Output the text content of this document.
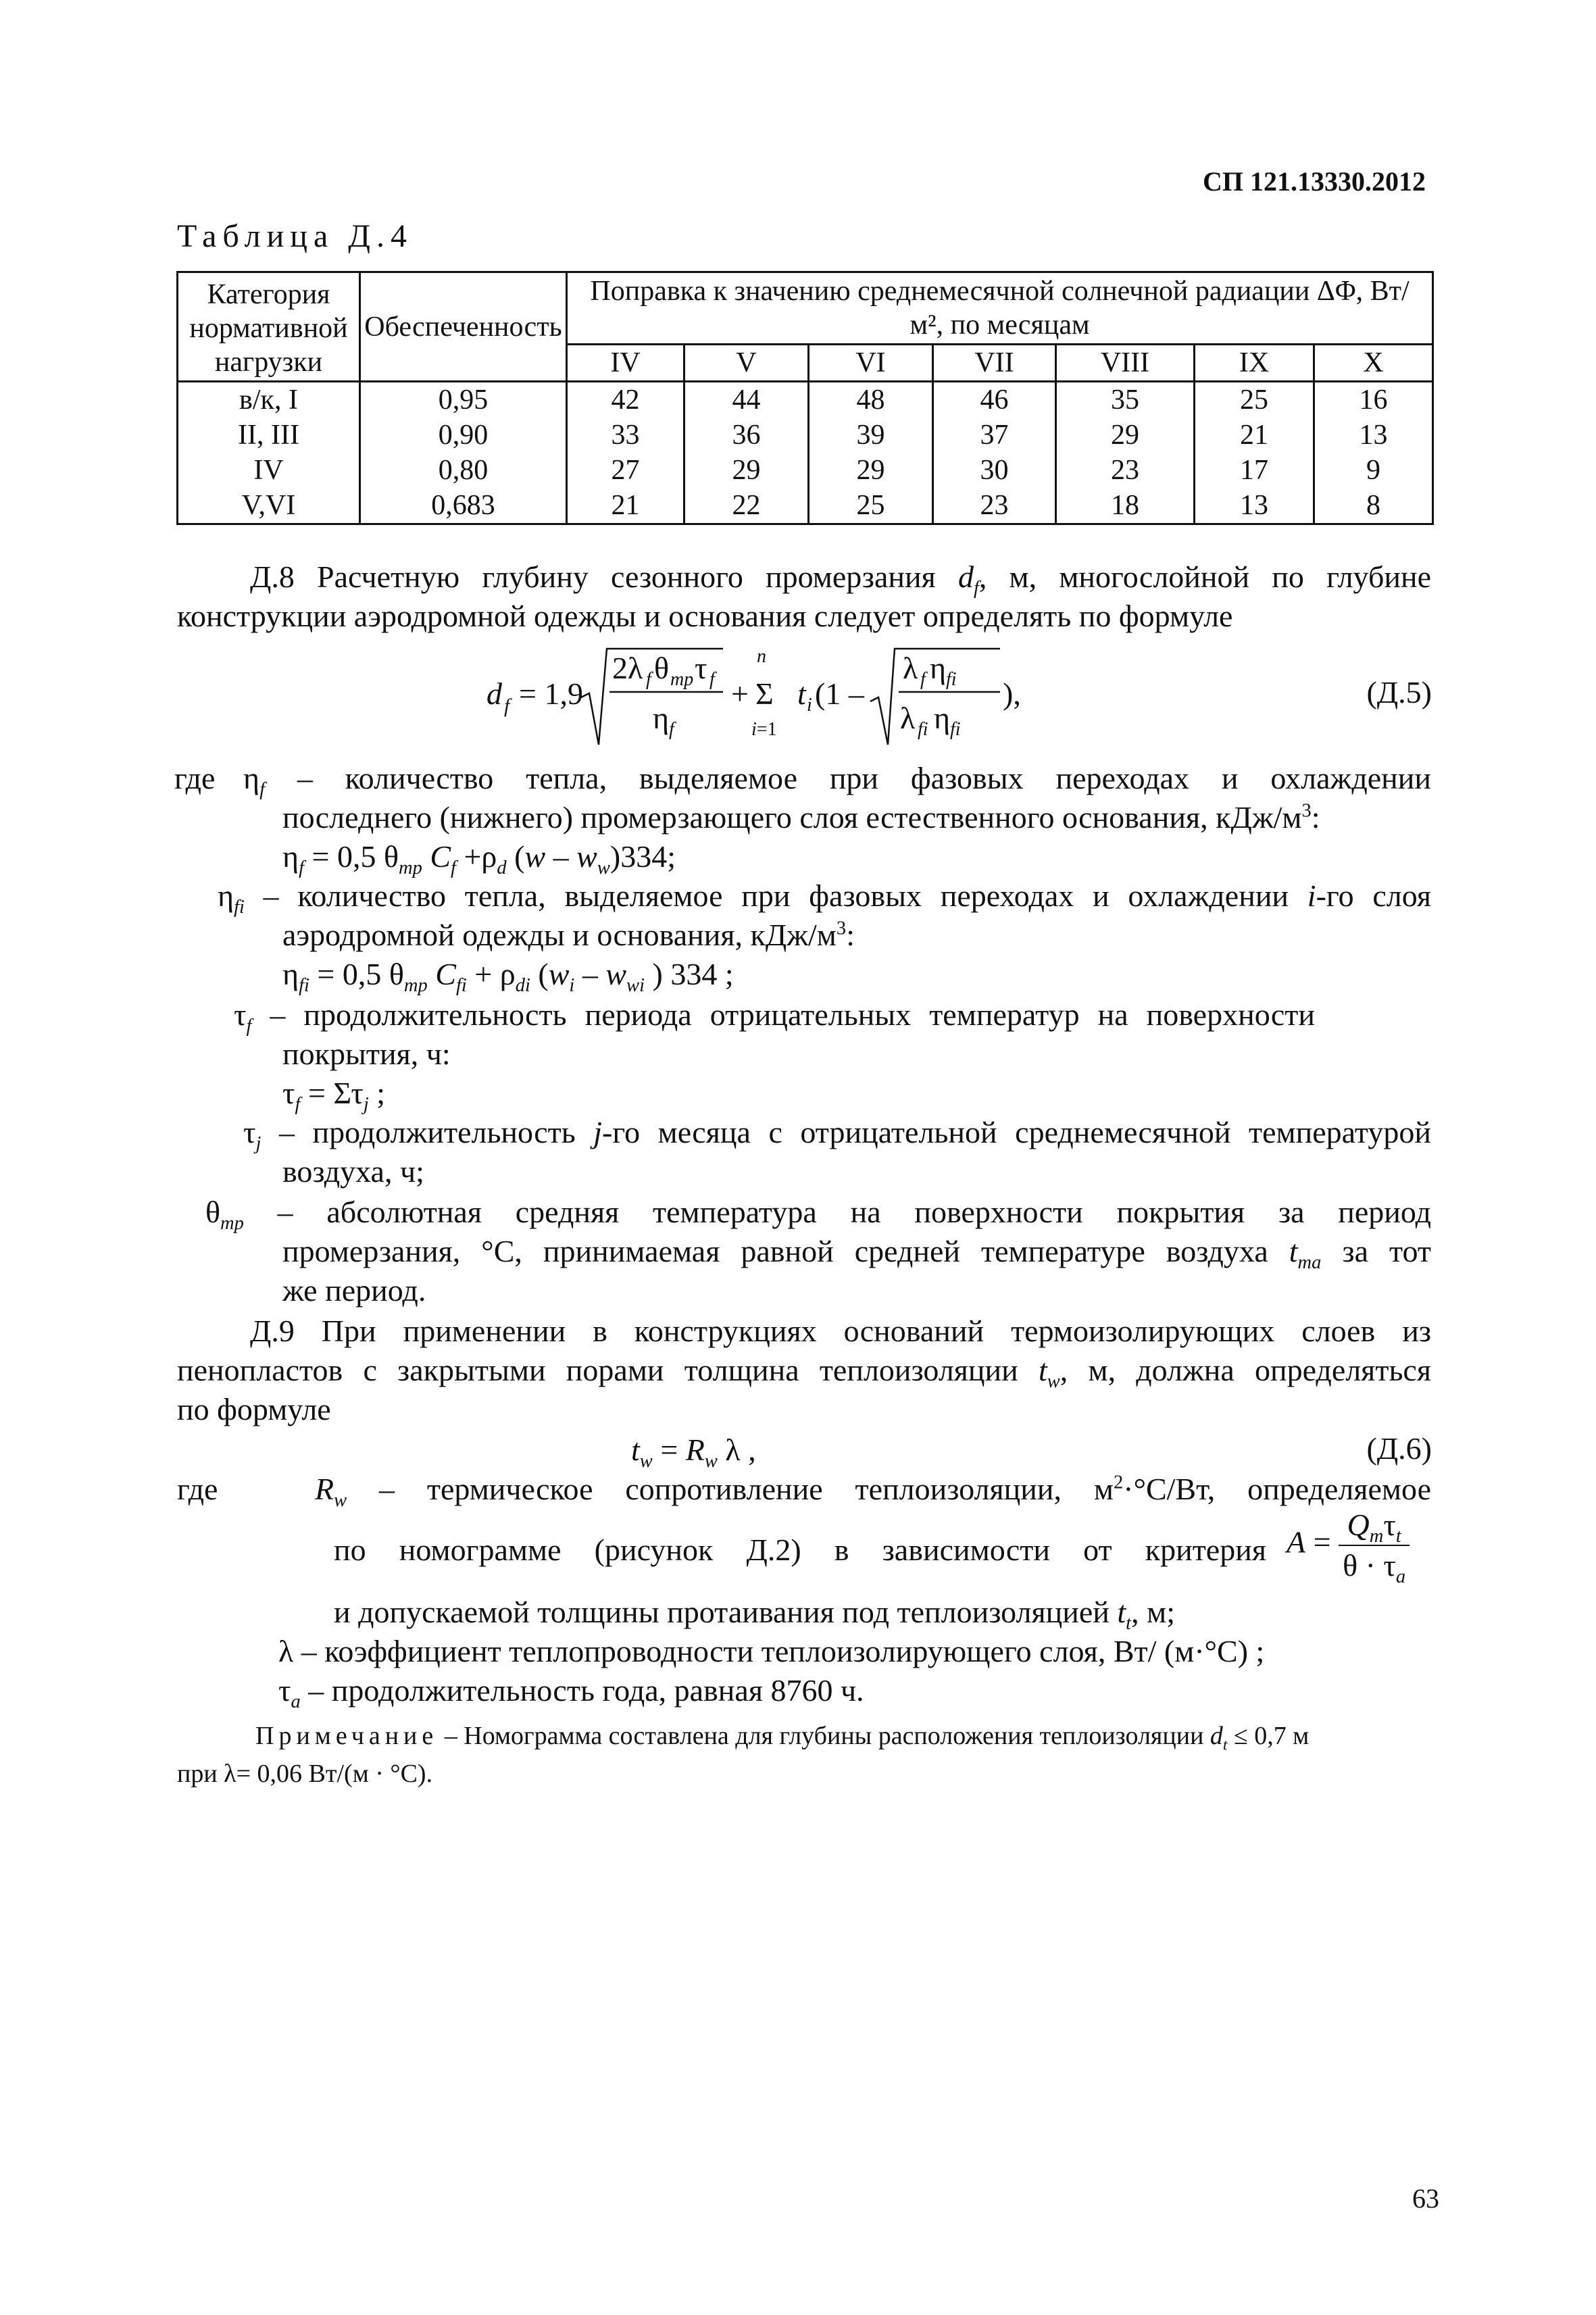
СП 121.13330.2012
Таблица Д.4
Категория нормативной нагрузки	Обеспеченность	Поправка к значению среднемесячной солнечной радиации ΔΦ, Вт/м², по месяцам						
		IV	V	VI	VII	VIII	IX	X
в/к, I	0,95	42	44	48	46	35	25	16
II, III	0,90	33	36	39	37	29	21	13
IV	0,80	27	29	29	30	23	17	9
V,VI	0,683	21	22	25	23	18	13	8
Д.8 Расчетную глубину сезонного промерзания $d_f$, м, многослойной по глубине
конструкции аэродромной одежды и основания следует определять по формуле
d f = 1,9
2λ f θ mp τ f
η f
+
n
Σ
i=1
t i (1 –
λ f η fi
λ fi η fi
),	(Д.5)
где $\eta_f$ – количество тепла, выделяемое при фазовых переходах и охлаждении
последнего (нижнего) промерзающего слоя естественного основания, кДж/$м^3$:
$\eta_f = 0,5$ $\theta_{mp}$ $C_f +\rho_d$ $(w - w_w)334$;
$\eta_{fi}$ – количество тепла, выделяемое при фазовых переходах и охлаждении i-го слоя
аэродромной одежды и основания, кДж/$м^3$:
$\eta_{fi} = 0,5$ $\theta_{mp}$ $C_{fi} + \rho_{di}$ ($w_i - w_{wi}$ ) 334 ;
$\tau_f$ – продолжительность периода отрицательных температур на поверхности
покрытия, ч:
$\tau_f = \Sigma\tau_j$ ;
$\tau_j$ – продолжительность j-го месяца с отрицательной среднемесячной температурой
воздуха, ч;
$\theta_{mp}$ – абсолютная средняя температура на поверхности покрытия за период
промерзания, °С, принимаемая равной средней температуре воздуха $t_{ma}$ за тот
же период.
Д.9 При применении в конструкциях оснований термоизолирующих слоев из
пенопластов с закрытыми порами толщина теплоизоляции $t_w$, м, должна определяться
по формуле
$t_w = R_w$ λ ,	(Д.6)
где   $R_w$ – термическое сопротивление теплоизоляции, $м^2\cdot^\circ С/Вт$, определяемое
по номограмме (рисунок Д.2) в зависимости от критерия $A = \frac{Q_m\tau_t}{\theta \cdot \tau_a}$
и допускаемой толщины протаивания под теплоизоляцией $t_t$, м;
λ – коэффициент теплопроводности теплоизолирующего слоя, Вт/ (м·°С) ;
$\tau_a$ – продолжительность года, равная 8760 ч.
Примечание – Номограмма составлена для глубины расположения теплоизоляции $d_t \le 0,7$ м
при λ= 0,06 Вт/(м · °С).
63
